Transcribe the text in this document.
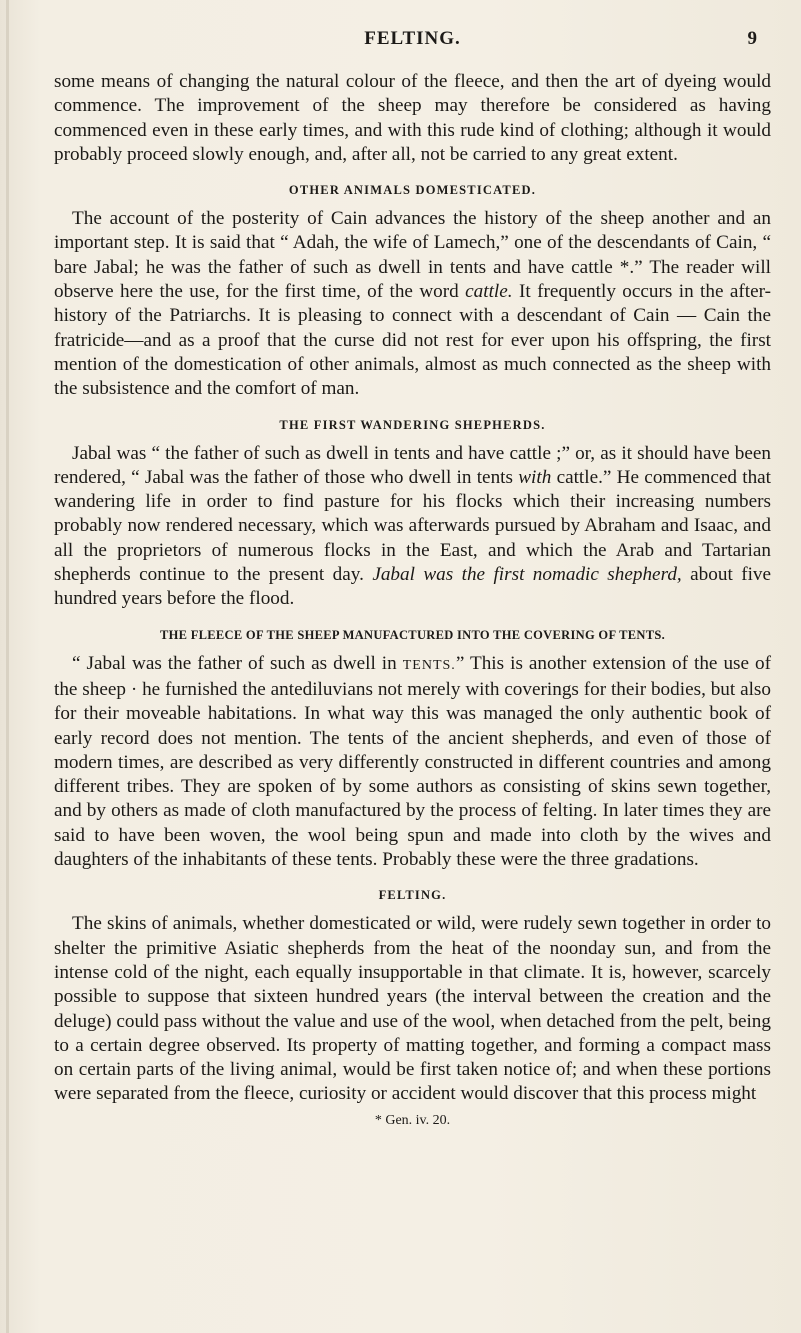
FELTING.	9

some means of changing the natural colour of the fleece, and then the art of dyeing would commence. The improvement of the sheep may therefore be considered as having commenced even in these early times, and with this rude kind of clothing; although it would probably proceed slowly enough, and, after all, not be carried to any great extent.

OTHER ANIMALS DOMESTICATED.

The account of the posterity of Cain advances the history of the sheep another and an important step. It is said that “ Adah, the wife of Lamech,” one of the descendants of Cain, “ bare Jabal; he was the father of such as dwell in tents and have cattle *.” The reader will observe here the use, for the first time, of the word cattle. It frequently occurs in the after-history of the Patriarchs. It is pleasing to connect with a descendant of Cain — Cain the fratricide—and as a proof that the curse did not rest for ever upon his offspring, the first mention of the domestication of other animals, almost as much connected as the sheep with the subsistence and the comfort of man.

THE FIRST WANDERING SHEPHERDS.

Jabal was “ the father of such as dwell in tents and have cattle ;” or, as it should have been rendered, “ Jabal was the father of those who dwell in tents with cattle.” He commenced that wandering life in order to find pasture for his flocks which their increasing numbers probably now rendered necessary, which was afterwards pursued by Abraham and Isaac, and all the proprietors of numerous flocks in the East, and which the Arab and Tartarian shepherds continue to the present day. Jabal was the first nomadic shepherd, about five hundred years before the flood.

THE FLEECE OF THE SHEEP MANUFACTURED INTO THE COVERING OF TENTS.

“ Jabal was the father of such as dwell in TENTS.” This is another extension of the use of the sheep · he furnished the antediluvians not merely with coverings for their bodies, but also for their moveable habitations. In what way this was managed the only authentic book of early record does not mention. The tents of the ancient shepherds, and even of those of modern times, are described as very differently constructed in different countries and among different tribes. They are spoken of by some authors as consisting of skins sewn together, and by others as made of cloth manufactured by the process of felting. In later times they are said to have been woven, the wool being spun and made into cloth by the wives and daughters of the inhabitants of these tents. Probably these were the three gradations.

FELTING.

The skins of animals, whether domesticated or wild, were rudely sewn together in order to shelter the primitive Asiatic shepherds from the heat of the noonday sun, and from the intense cold of the night, each equally insupportable in that climate. It is, however, scarcely possible to suppose that sixteen hundred years (the interval between the creation and the deluge) could pass without the value and use of the wool, when detached from the pelt, being to a certain degree observed. Its property of matting together, and forming a compact mass on certain parts of the living animal, would be first taken notice of; and when these portions were separated from the fleece, curiosity or accident would discover that this process might

* Gen. iv. 20.
